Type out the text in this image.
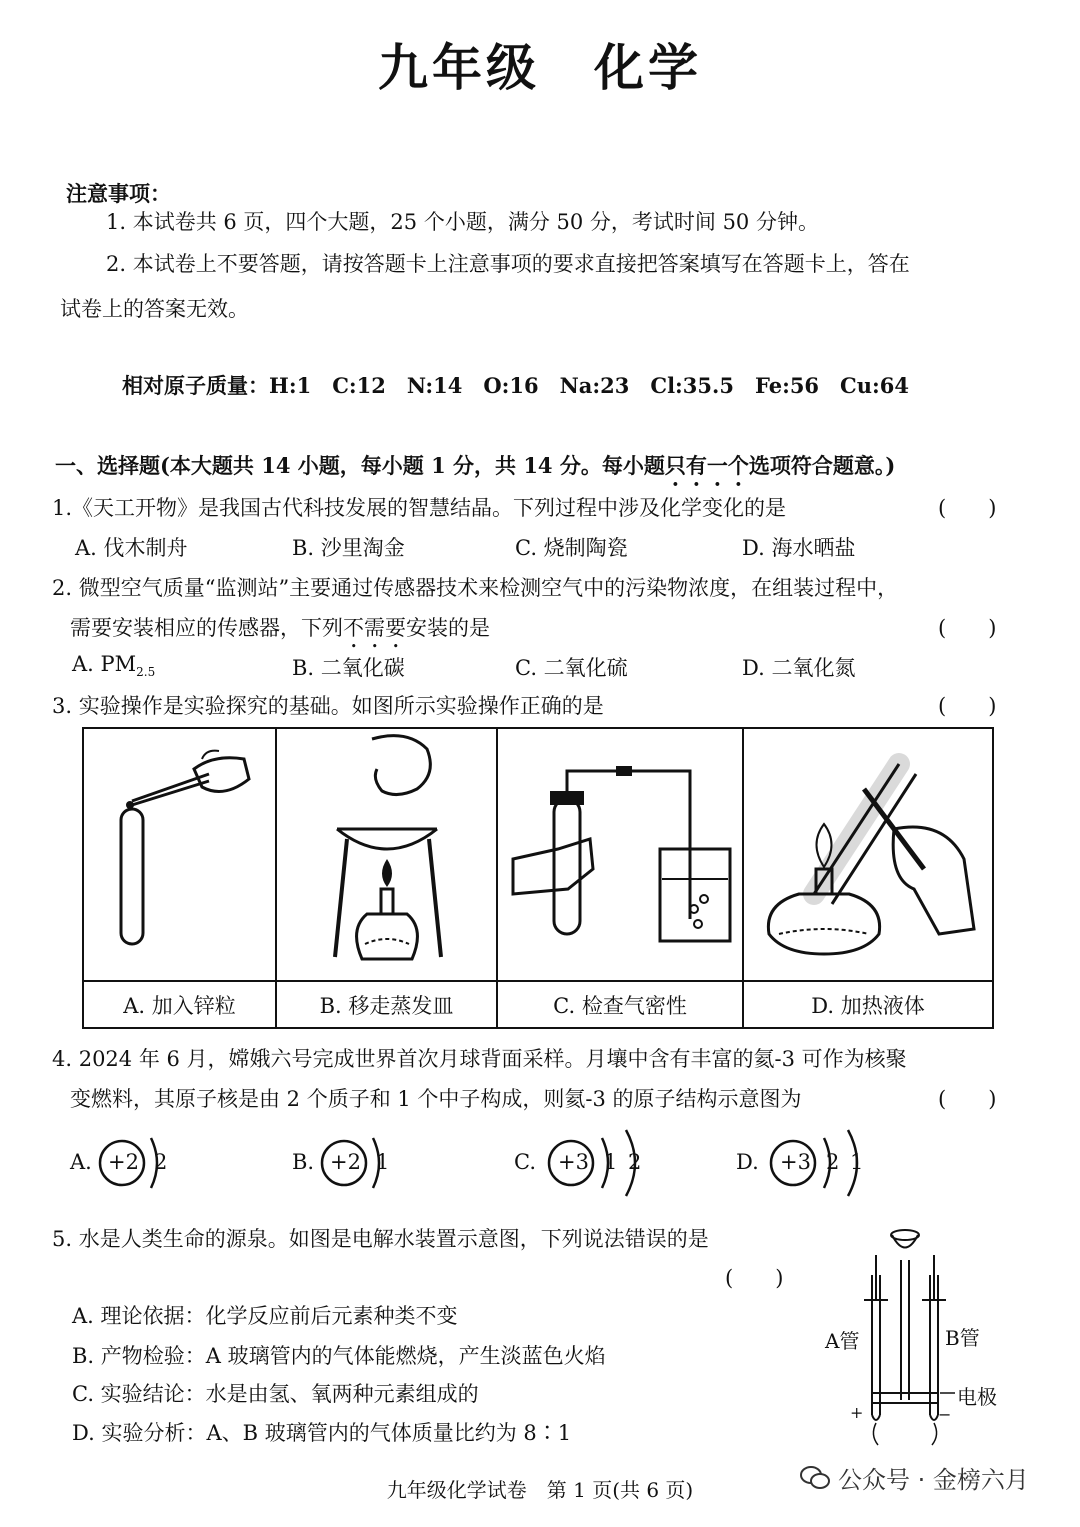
九年级　化学
注意事项：
1. 本试卷共 6 页，四个大题，25 个小题，满分 50 分，考试时间 50 分钟。
2. 本试卷上不要答题，请按答题卡上注意事项的要求直接把答案填写在答题卡上，答在
试卷上的答案无效。
相对原子质量：H:1　C:12　N:14　O:16　Na:23　Cl:35.5　Fe:56　Cu:64
一、选择题(本大题共 14 小题，每小题 1 分，共 14 分。每小题只有一个选项符合题意。)
1.《天工开物》是我国古代科技发展的智慧结晶。下列过程中涉及化学变化的是	(　　)
A. 伐木制舟	B. 沙里淘金	C. 烧制陶瓷	D. 海水晒盐
2. 微型空气质量“监测站”主要通过传感器技术来检测空气中的污染物浓度，在组装过程中，
需要安装相应的传感器，下列不需要安装的是	(　　)
A. $PM_{2.5}$	B. 二氧化碳	C. 二氧化硫	D. 二氧化氮
3. 实验操作是实验探究的基础。如图所示实验操作正确的是	(　　)
A. 加入锌粒	B. 移走蒸发皿	C. 检查气密性	D. 加热液体
4. 2024 年 6 月，嫦娥六号完成世界首次月球背面采样。月壤中含有丰富的氦-3 可作为核聚
变燃料，其原子核是由 2 个质子和 1 个中子构成，则氦-3 的原子结构示意图为	(　　)
A. +2 2	B. +2 1	C. +3 1 2	D. +3 2 1
5. 水是人类生命的源泉。如图是电解水装置示意图，下列说法错误的是
(　　)
A. 理论依据：化学反应前后元素种类不变
B. 产物检验：A 玻璃管内的气体能燃烧，产生淡蓝色火焰
C. 实验结论：水是由氢、氧两种元素组成的
D. 实验分析：A、B 玻璃管内的气体质量比约为 8∶1
A管	B管
电极
+	−
九年级化学试卷　第 1 页(共 6 页)	公众号 · 金榜六月
